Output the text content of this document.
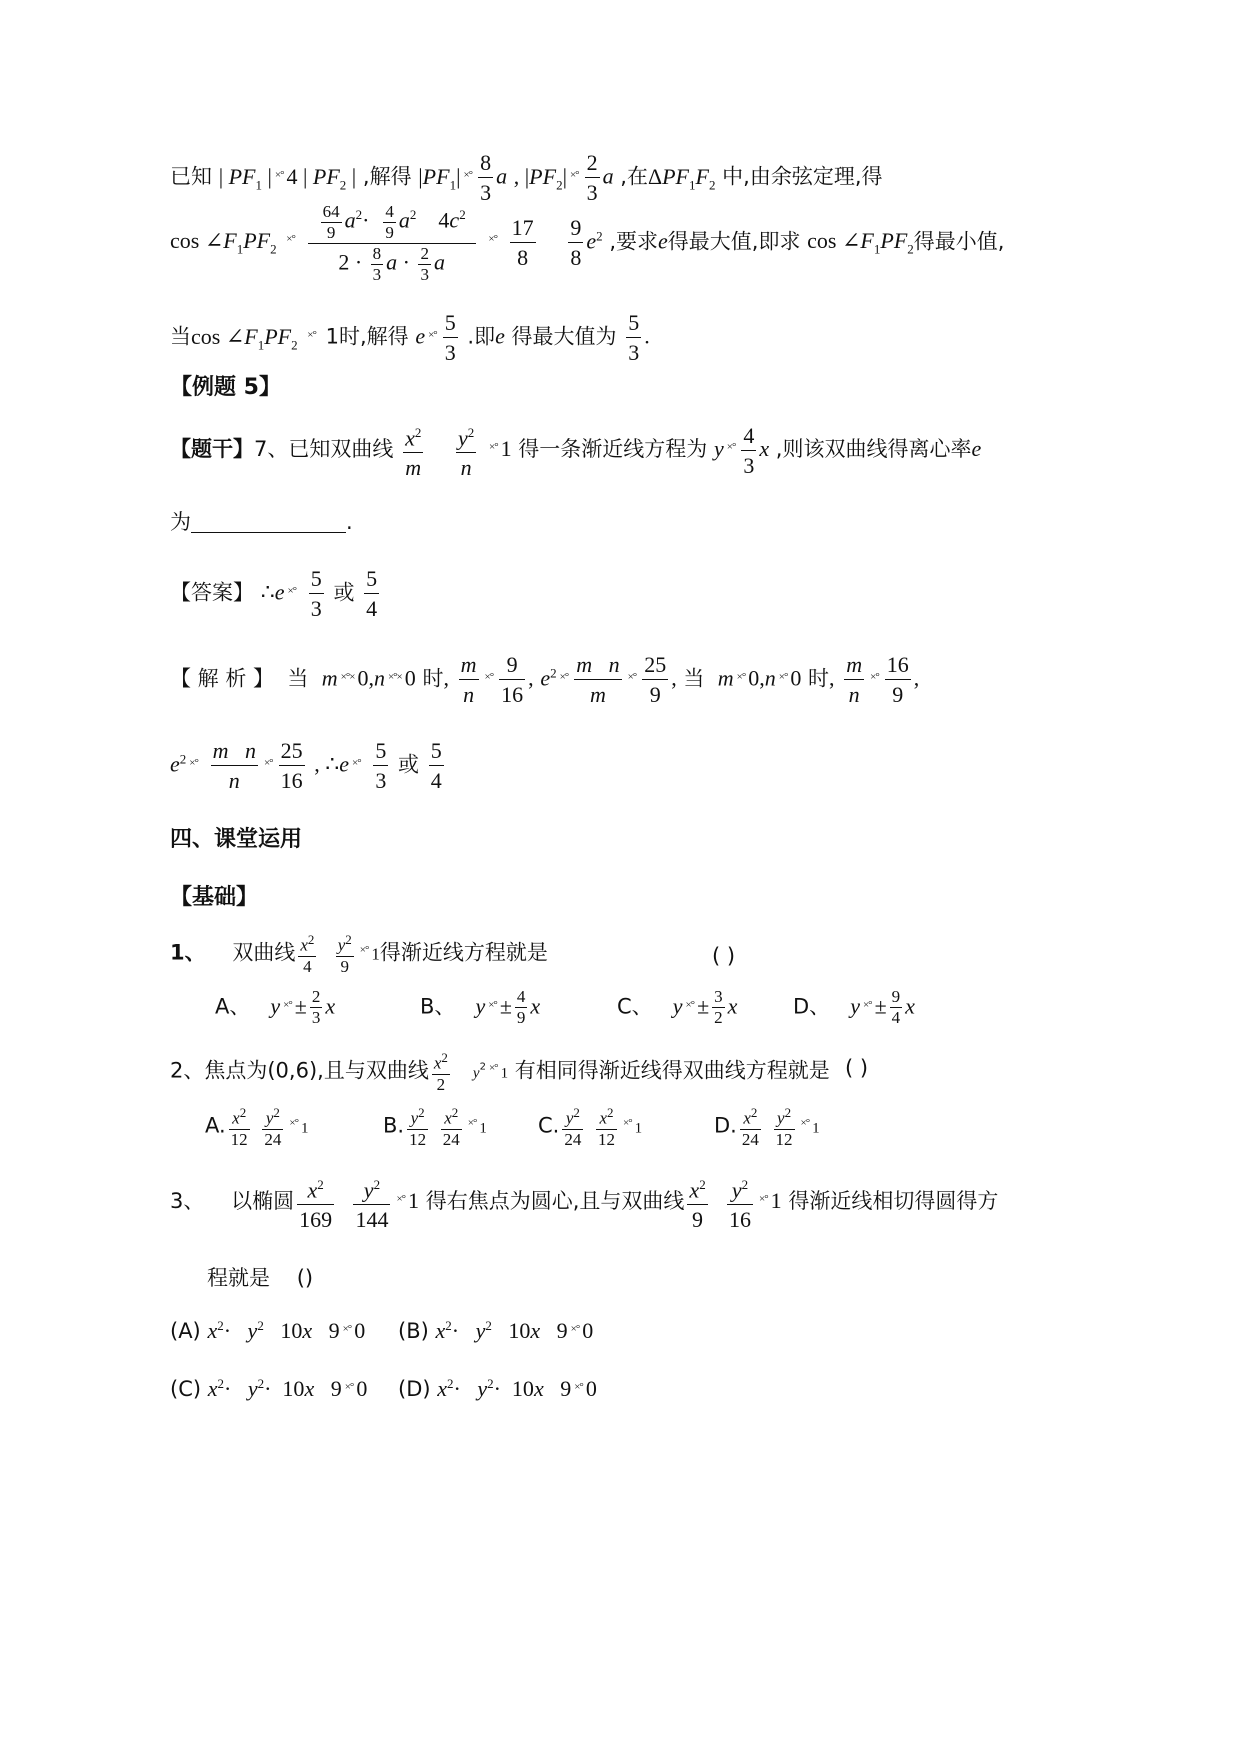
已知 | $PF_1$ | ×° 4 | $PF_2$ | ,解得 $|PF_1|$ $^{\times^\circ} \frac{8}{3}$ a , $|PF_2|$ $^{\times^\circ} \frac{2}{3}$ a ,在$\Delta PF_1F_2$ 中,由余弦定理,得
$\cos \angle F_1PF_2$ $^{\times^\circ} \frac{\frac{64}{9} a^2\cdot \frac{4}{9} a^2 4c^2}{2 \cdot \frac{8}{3} a \cdot \frac{2}{3} a} ^{\times^\circ} \frac{17}{8}$
$\frac{9}{8} e^2$ ,要求e得最大值,即求 $\cos \angle F_1PF_2$得最小值,
当$\cos \angle F_1PF_2$ ×° 1时,解得 e $^{\times^\circ} \frac{5}{3}$ .即e 得最大值为 $\frac{5}{3}$ .
【例题 5】
【题干】7、已知双曲线 $\frac{x^2}{m}$
$\frac{y^2}{n} ^{\times^\circ}$ 1 得一条渐近线方程为 y $^{\times^\circ} \frac{4}{3}$ x ,则该双曲线得离心率e
为	.
【答案】 ∴e $^{\times^\circ} \frac{5}{3}$ 或 $\frac{5}{4}$
【 解 析 】 当 m ×°× 0,n ×°× 0 时, $\frac{m}{n} ^{\times^\circ} \frac{9}{16}$ , $e^2$ $^{\times^\circ} \frac{\text{m n}}{m} ^{\times^\circ} \frac{25}{9}$ , 当 m ×° 0,n ×° 0 时, $\frac{m}{n} ^{\times^\circ} \frac{16}{9}$ ,
$e^2$ $^{\times^\circ} \frac{\text{m n}}{n} ^{\times^\circ} \frac{25}{16}$ , ∴e $^{\times^\circ} \frac{5}{3}$ 或 $\frac{5}{4}$
四、课堂运用
【基础】
1、 双曲线 $\frac{x^2}{4}$
$\frac{y^2}{9} ^{\times^\circ}$ 1得渐近线方程就是	( )
A、 y $^{\times^\circ} \pm \frac{2}{3}$ x	B、 y $^{\times^\circ} \pm \frac{4}{9}$ x	C、 y $^{\times^\circ} \pm \frac{3}{2}$ x	D、 y $^{\times^\circ} \pm \frac{9}{4}$ x
2、焦点为(0,6),且与双曲线 $\frac{x^2}{2} y^2$ ×° 1 有相同得渐近线得双曲线方程就是 ( )
A. $\frac{x^2}{12}$
$\frac{y^2}{24} ^{\times^\circ}$ 1	B. $\frac{y^2}{12}$
$\frac{x^2}{24} ^{\times^\circ}$ 1 C. $\frac{y^2}{24}$
$\frac{x^2}{12} ^{\times^\circ}$ 1	D. $\frac{x^2}{24}$
$\frac{y^2}{12} ^{\times^\circ}$ 1
3、 以椭圆 $\frac{x^2}{169}$
$\frac{y^2}{144} ^{\times^\circ}$ 1 得右焦点为圆心,且与双曲线 $\frac{x^2}{9}$
$\frac{y^2}{16} ^{\times^\circ}$ 1 得渐近线相切得圆得方
程就是 ()
(A) $x^2\cdot y^2$   10x   9 ×° 0 (B) $x^2\cdot y^2$   10x   9 ×° 0
(C) $x^2\cdot y^2\cdot 10x$   9 ×° 0 (D) $x^2\cdot y^2\cdot 10x$   9 ×° 0
